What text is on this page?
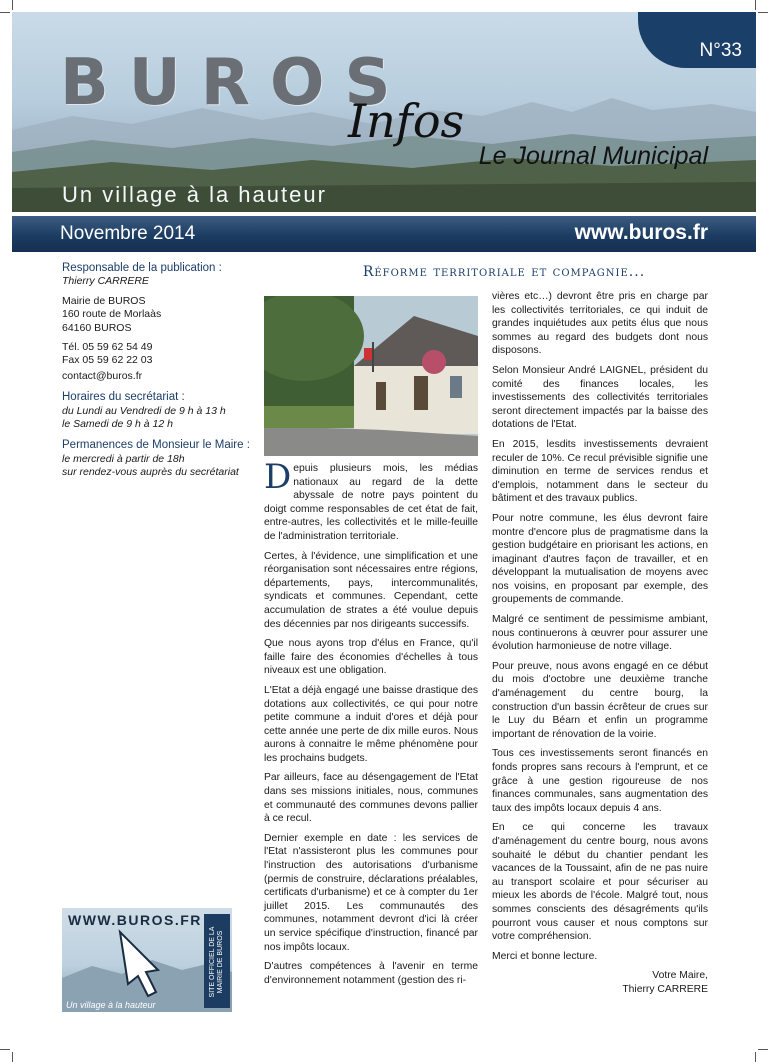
BUROS
Infos
Le Journal Municipal
Un village à la hauteur
N°33
Novembre 2014	www.buros.fr
Responsable de la publication :
Thierry CARRERE
Mairie de BUROS
160 route de Morlaàs
64160 BUROS
Tél. 05 59 62 54 49
Fax 05 59 62 22 03
contact@buros.fr
Horaires du secrétariat :
du Lundi au Vendredi de 9 h à 13 h
le Samedi de 9 h à 12 h
Permanences de Monsieur le Maire :
le mercredi à partir de 18h
sur rendez-vous auprès du secrétariat
WWW.BUROS.FR
Un village à la hauteur
SITE OFFICIEL DE LA MAIRIE DE BUROS
Réforme territoriale et compagnie...

Depuis plusieurs mois, les médias nationaux au regard de la dette abyssale de notre pays pointent du doigt comme responsables de cet état de fait, entre-autres, les collectivités et le mille-feuille de l'administration territoriale.

Certes, à l'évidence, une simplification et une réorganisation sont nécessaires entre régions, départements, pays, intercommunalités, syndicats et communes. Cependant, cette accumulation de strates a été voulue depuis des décennies par nos dirigeants successifs.

Que nous ayons trop d'élus en France, qu'il faille faire des économies d'échelles à tous niveaux est une obligation.

L'Etat a déjà engagé une baisse drastique des dotations aux collectivités, ce qui pour notre petite commune a induit d'ores et déjà pour cette année une perte de dix mille euros. Nous aurons à connaitre le même phénomène pour les prochains budgets.

Par ailleurs, face au désengagement de l'Etat dans ses missions initiales, nous, communes et communauté des communes devons pallier à ce recul.

Dernier exemple en date : les services de l'Etat n'assisteront plus les communes pour l'instruction des autorisations d'urbanisme (permis de construire, déclarations préalables, certificats d'urbanisme) et ce à compter du 1er juillet 2015. Les communautés des communes, notamment devront d'ici là créer un service spécifique d'instruction, financé par nos impôts locaux.

D'autres compétences à l'avenir en terme d'environnement notamment (gestion des ri-

vières etc…) devront être pris en charge par les collectivités territoriales, ce qui induit de grandes inquiétudes aux petits élus que nous sommes au regard des budgets dont nous disposons.

Selon Monsieur André LAIGNEL, président du comité des finances locales, les investissements des collectivités territoriales seront directement impactés par la baisse des dotations de l'Etat.

En 2015, lesdits investissements devraient reculer de 10%. Ce recul prévisible signifie une diminution en terme de services rendus et d'emplois, notamment dans le secteur du bâtiment et des travaux publics.

Pour notre commune, les élus devront faire montre d'encore plus de pragmatisme dans la gestion budgétaire en priorisant les actions, en imaginant d'autres façon de travailler, et en développant la mutualisation de moyens avec nos voisins, en proposant par exemple, des groupements de commande.

Malgré ce sentiment de pessimisme ambiant, nous continuerons à œuvrer pour assurer une évolution harmonieuse de notre village.

Pour preuve, nous avons engagé en ce début du mois d'octobre une deuxième tranche d'aménagement du centre bourg, la construction d'un bassin écrêteur de crues sur le Luy du Béarn et enfin un programme important de rénovation de la voirie.

Tous ces investissements seront financés en fonds propres sans recours à l'emprunt, et ce grâce à une gestion rigoureuse de nos finances communales, sans augmentation des taux des impôts locaux depuis 4 ans.

En ce qui concerne les travaux d'aménagement du centre bourg, nous avons souhaité le début du chantier pendant les vacances de la Toussaint, afin de ne pas nuire au transport scolaire et pour sécuriser au mieux les abords de l'école. Malgré tout, nous sommes conscients des désagréments qu'ils pourront vous causer et nous comptons sur votre compréhension.

Merci et bonne lecture.

Votre Maire,
Thierry CARRERE
